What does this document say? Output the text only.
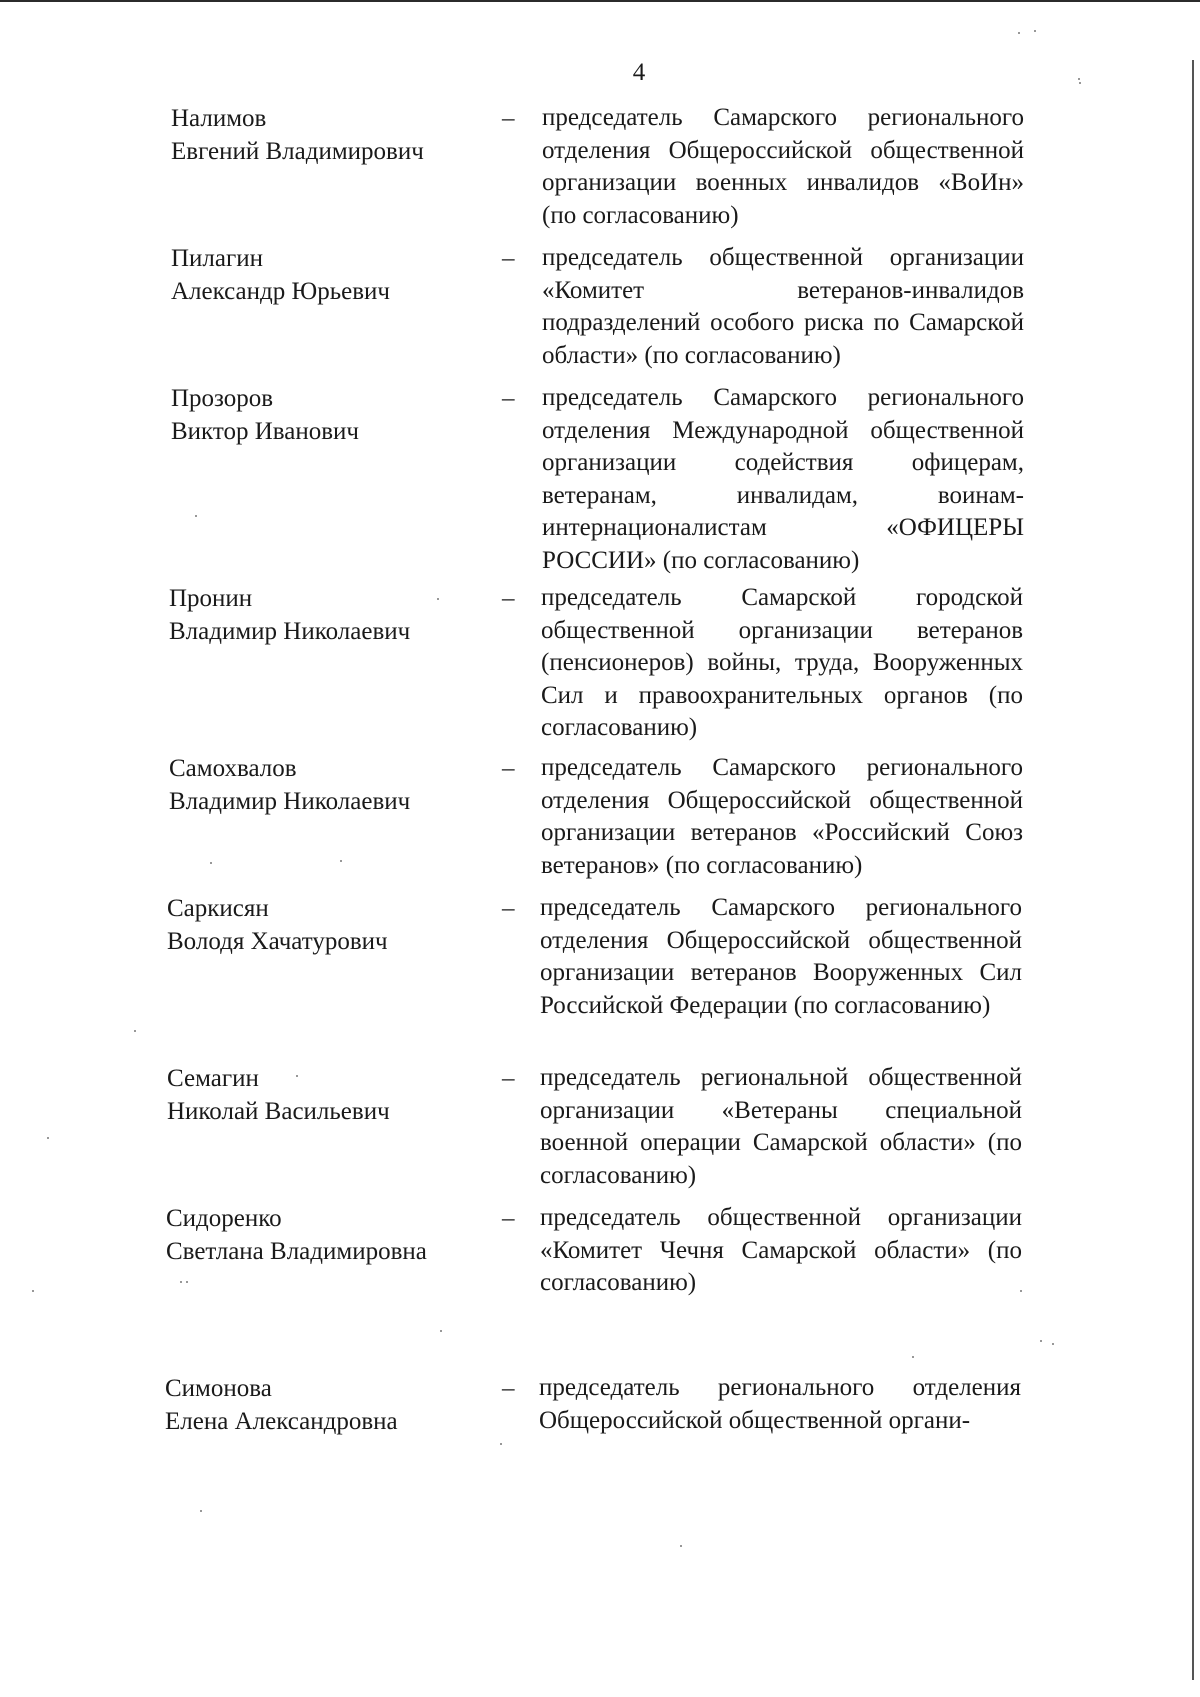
4
Налимов
Евгений Владимирович
– председатель Самарского регионального отделения Общероссийской общественной организации военных инвалидов «ВоИн» (по согласованию)
Пилагин
Александр Юрьевич
– председатель общественной организации «Комитет ветеранов-инвалидов подразделений особого риска по Самарской области» (по согласованию)
Прозоров
Виктор Иванович
– председатель Самарского регионального отделения Международной общественной организации содействия офицерам, ветеранам, инвалидам, воинам-интернационалистам «ОФИЦЕРЫ РОССИИ» (по согласованию)
Пронин
Владимир Николаевич
– председатель Самарской городской общественной организации ветеранов (пенсионеров) войны, труда, Вооруженных Сил и правоохранительных органов (по согласованию)
Самохвалов
Владимир Николаевич
– председатель Самарского регионального отделения Общероссийской общественной организации ветеранов «Российский Союз ветеранов» (по согласованию)
Саркисян
Володя Хачатурович
– председатель Самарского регионального отделения Общероссийской общественной организации ветеранов Вооруженных Сил Российской Федерации (по согласованию)
Семагин
Николай Васильевич
– председатель региональной общественной организации «Ветераны специальной военной операции Самарской области» (по согласованию)
Сидоренко
Светлана Владимировна
– председатель общественной организации «Комитет Чечня Самарской области» (по согласованию)
Симонова
Елена Александровна
– председатель регионального отделения Общероссийской общественной органи-
